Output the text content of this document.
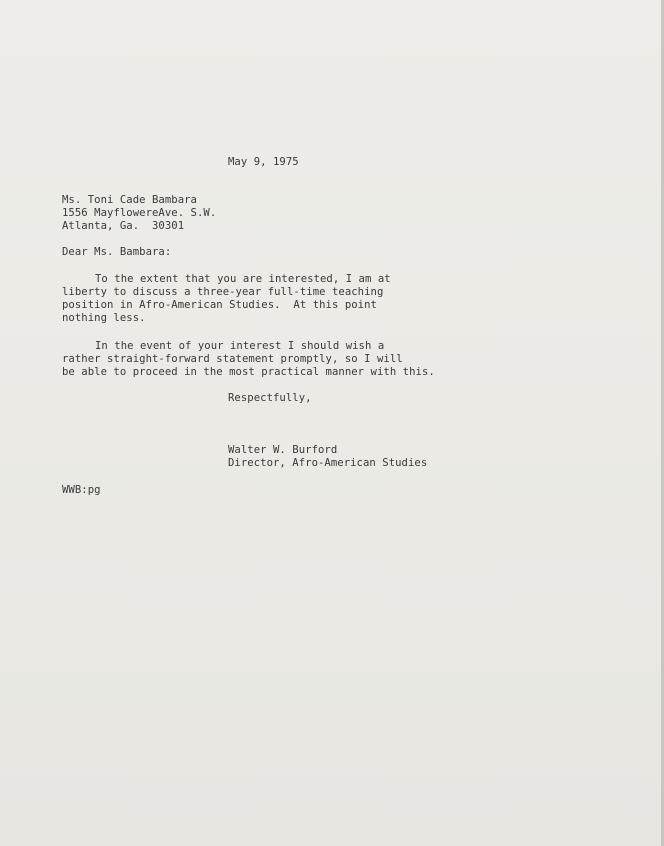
May 9, 1975
Ms. Toni Cade Bambara
1556 MayflowereAve. S.W.
Atlanta, Ga.  30301
Dear Ms. Bambara:
To the extent that you are interested, I am at
liberty to discuss a three-year full-time teaching
position in Afro-American Studies.  At this point
nothing less.
In the event of your interest I should wish a
rather straight-forward statement promptly, so I will
be able to proceed in the most practical manner with this.
Respectfully,
Walter W. Burford
Director, Afro-American Studies
WWB:pg
